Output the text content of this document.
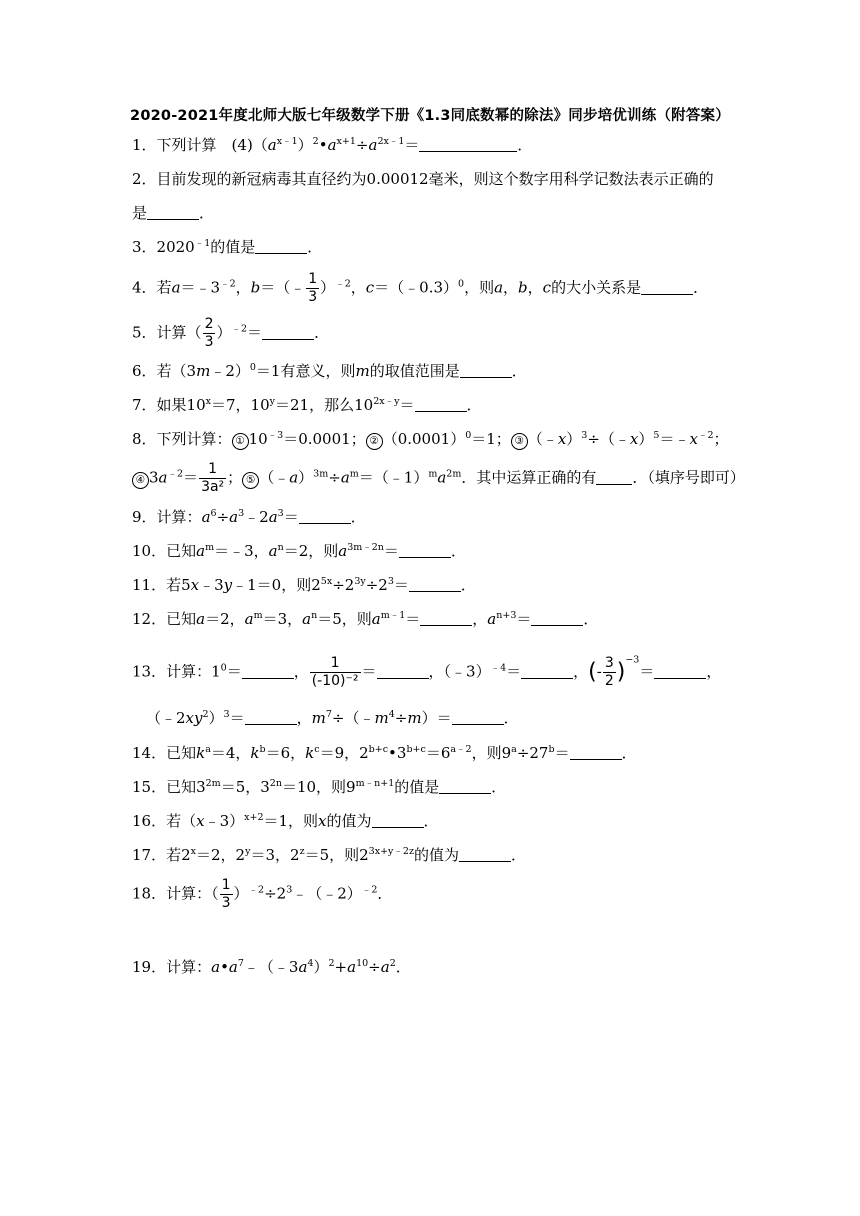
2020-2021年度北师大版七年级数学下册《1.3同底数幂的除法》同步培优训练（附答案）
1．下列计算　$(4)(a^{x﹣1})^2•a^{x+1}\div a^{2x﹣1}=$	．
2．目前发现的新冠病毒其直径约为0.00012毫米，则这个数字用科学记数法表示正确的
是	．
3．$2020^{﹣1}$的值是	．
4．若$a=﹣3^{﹣2}$，b＝（﹣ $\frac{1}{3} )^{﹣2}$，c＝（﹣0.3）$^0$，则a，b，c的大小关系是	．
5．计算（ $\frac{2}{3} )^{﹣2}=$	．
6．若（3m﹣2）$^0$＝1有意义，则m的取值范围是	．
7．如果$10^x=7$，$10^y=21$，那么$10^{2x﹣y}=$	．
8．下列计算： ① $10^{﹣3}=0.0001$； ② $(0.0001)^0=1$； ③ $(﹣x)^3\div(﹣x)^5=﹣x^{﹣2}$；
④ $3a^{﹣2}= \frac{1}{\text{3a²}}$ ； ⑤ $(﹣a)^{3m}\div a^m=(﹣1)^ma^{2m}$．其中运算正确的有 ．（填序号即可）
9．计算：$a^6\div a^3﹣2a^3=$	．
10．已知$a^m=﹣3$，$a^n=2$，则$a^{3m﹣2n}=$	．
11．若5x﹣3y﹣1＝0，则$2^{5x}\div 2^{3y}\div 2^3=$	．
12．已知a＝2，$a^m=3$，$a^n=5$，则$a^{m﹣1}=$	，$a^{n+3}=$	．
13．计算：$1^0=$	， $\frac{1}{\text{(-10)⁻²}}$ ＝	，（﹣3）$^{﹣4}$＝	，(- $\frac{3}{2} )^{-3}=$	，
$(﹣2xy^2)^3=$	，$m^7\div(﹣m^4\div m)=$	．
14．已知$k^a=4$，$k^b=6$，$k^c=9$，$2^{b+c}•3^{b+c}=6^{a﹣2}$，则$9^a\div 27^b=$	．
15．已知$3^{2m}=5$，$3^{2n}=10$，则$9^{m﹣n+1}$的值是	．
16．若（x﹣3）$^{x+2}$＝1，则x的值为	．
17．若$2^x=2$，$2^y=3$，$2^z=5$，则$2^{3x+y﹣2z}$的值为	．
18．计算：（ $\frac{1}{3}$ ）$^{﹣2}\div 2^3﹣(﹣2)^{﹣2}$．
19．计算：$a•a^7﹣(﹣3a^4)^2+a^{10}\div a^2$．
